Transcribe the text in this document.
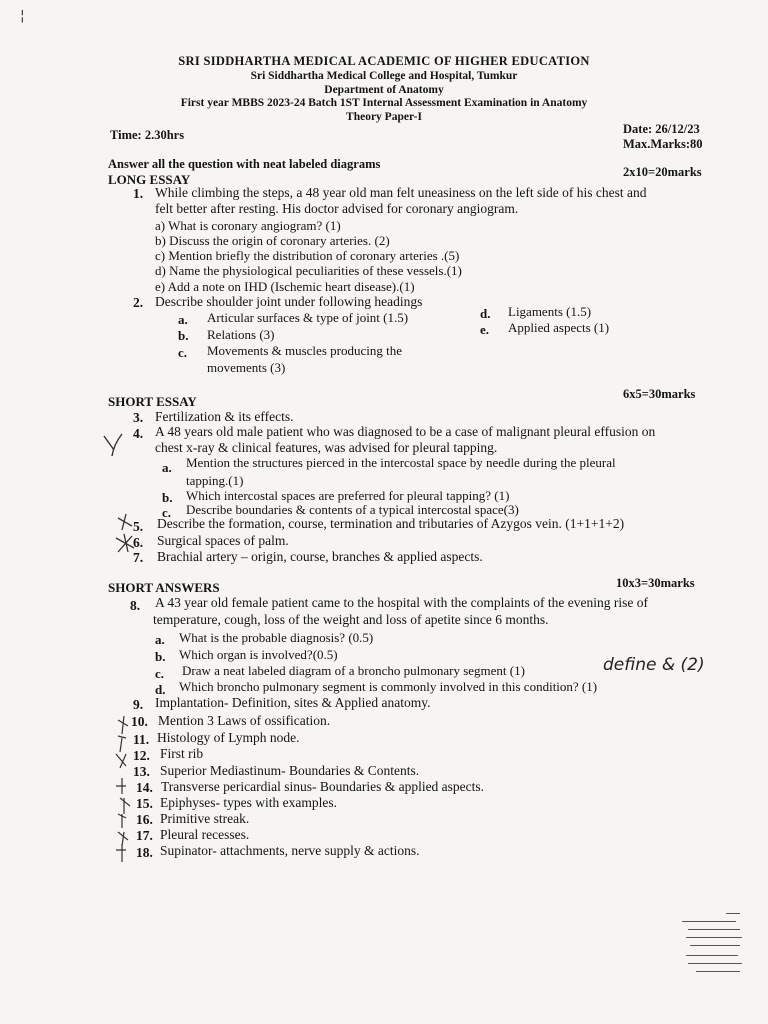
SRI SIDDHARTHA MEDICAL ACADEMIC OF HIGHER EDUCATION
Sri Siddhartha Medical College and Hospital, Tumkur
Department of Anatomy
First year MBBS 2023-24 Batch 1ST Internal Assessment Examination in Anatomy
Theory Paper-I
Time: 2.30hrs	Date: 26/12/23
Max.Marks:80
Answer all the question with neat labeled diagrams
LONG ESSAY	2x10=20marks
1. While climbing the steps, a 48 year old man felt uneasiness on the left side of his chest and
felt better after resting. His doctor advised for coronary angiogram.
a) What is coronary angiogram? (1)
b) Discuss the origin of coronary arteries. (2)
c) Mention briefly the distribution of coronary arteries .(5)
d) Name the physiological peculiarities of these vessels.(1)
e) Add a note on IHD (Ischemic heart disease).(1)
2. Describe shoulder joint under following headings
a. Articular surfaces & type of joint (1.5)
b. Relations (3)
c. Movements & muscles producing the
movements (3)
d. Ligaments (1.5)
e. Applied aspects (1)
SHORT ESSAY	6x5=30marks
3. Fertilization & its effects.
4. A 48 years old male patient who was diagnosed to be a case of malignant pleural effusion on
chest x-ray & clinical features, was advised for pleural tapping.
a. Mention the structures pierced in the intercostal space by needle during the pleural
tapping.(1)
b. Which intercostal spaces are preferred for pleural tapping? (1)
c. Describe boundaries & contents of a typical intercostal space(3)
5. Describe the formation, course, termination and tributaries of Azygos vein. (1+1+1+2)
6. Surgical spaces of palm.
7. Brachial artery – origin, course, branches & applied aspects.
SHORT ANSWERS	10x3=30marks
8. A 43 year old female patient came to the hospital with the complaints of the evening rise of
temperature, cough, loss of the weight and loss of apetite since 6 months.
a. What is the probable diagnosis? (0.5)
b. Which organ is involved?(0.5)
c. Draw a neat labeled diagram of a broncho pulmonary segment (1)	define & (2)
d. Which broncho pulmonary segment is commonly involved in this condition? (1)
9. Implantation- Definition, sites & Applied anatomy.
10. Mention 3 Laws of ossification.
11. Histology of Lymph node.
12. First rib
13. Superior Mediastinum- Boundaries & Contents.
14. Transverse pericardial sinus- Boundaries & applied aspects.
15. Epiphyses- types with examples.
16. Primitive streak.
17. Pleural recesses.
18. Supinator- attachments, nerve supply & actions.
¦
